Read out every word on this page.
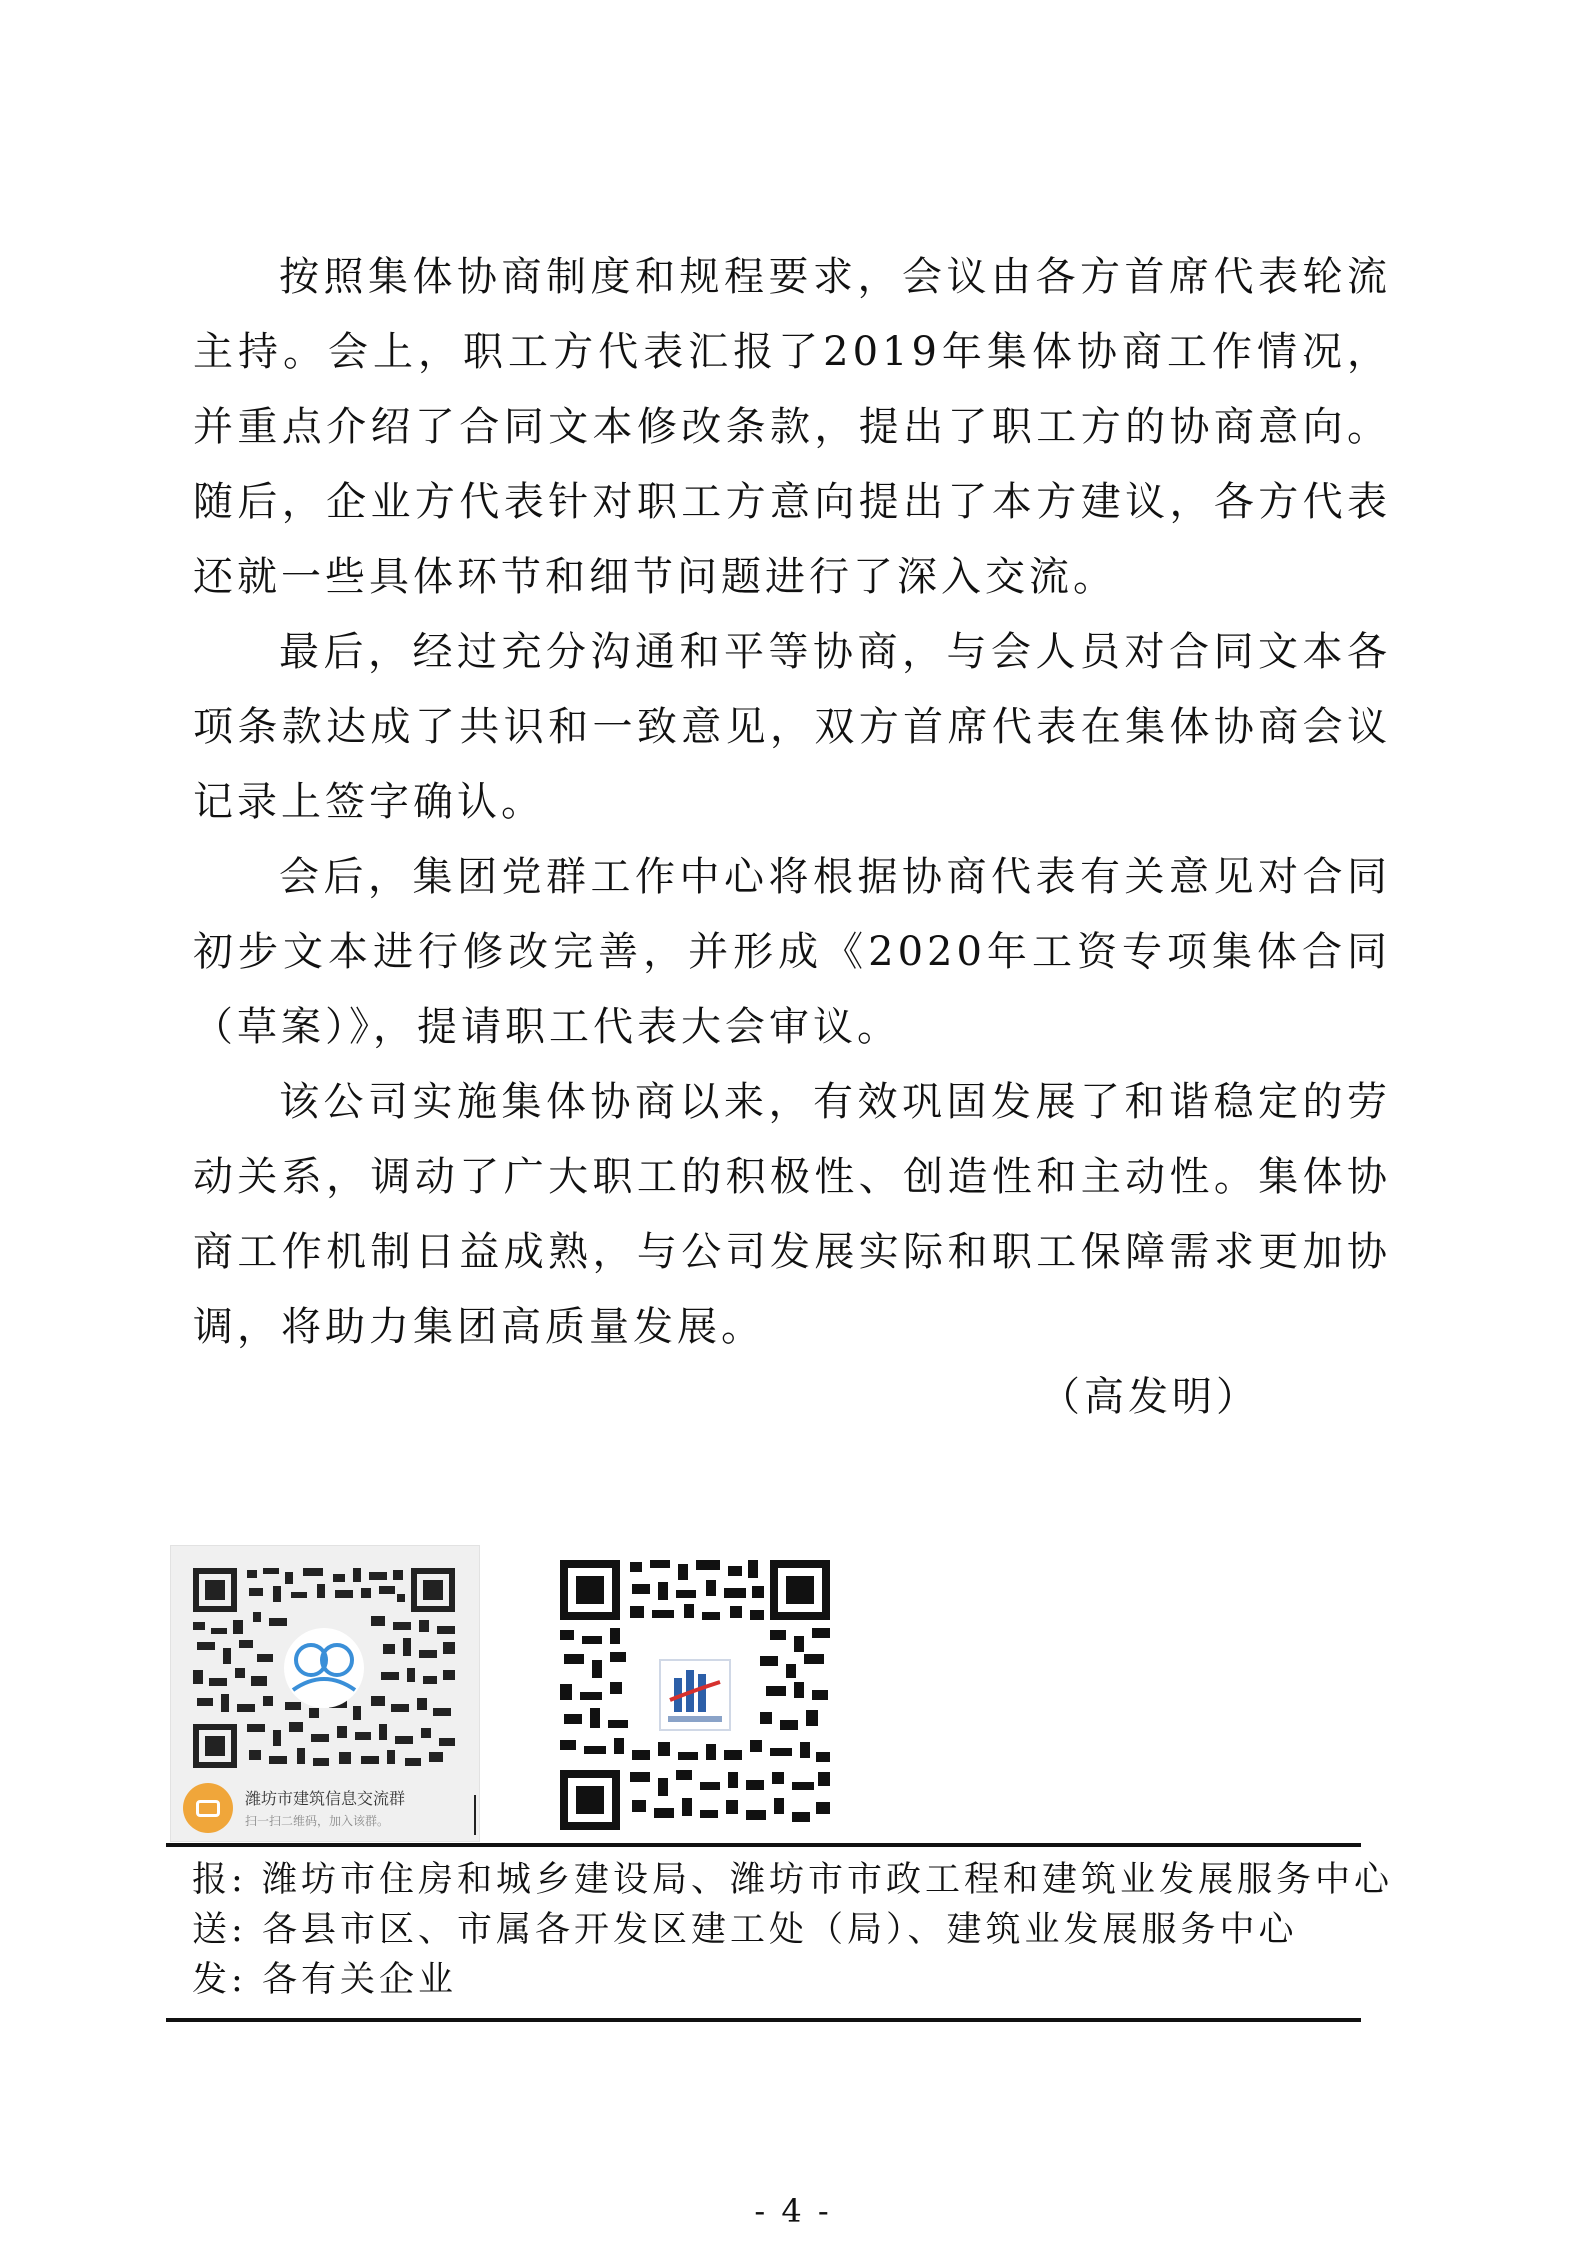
按照集体协商制度和规程要求，会议由各方首席代表轮流主持。会上，职工方代表汇报了2019年集体协商工作情况，并重点介绍了合同文本修改条款，提出了职工方的协商意向。随后，企业方代表针对职工方意向提出了本方建议，各方代表还就一些具体环节和细节问题进行了深入交流。

最后，经过充分沟通和平等协商，与会人员对合同文本各项条款达成了共识和一致意见，双方首席代表在集体协商会议记录上签字确认。

会后，集团党群工作中心将根据协商代表有关意见对合同初步文本进行修改完善，并形成《2020年工资专项集体合同（草案）》，提请职工代表大会审议。

该公司实施集体协商以来，有效巩固发展了和谐稳定的劳动关系，调动了广大职工的积极性、创造性和主动性。集体协商工作机制日益成熟，与公司发展实际和职工保障需求更加协调，将助力集团高质量发展。

（高发明）
潍坊市建筑信息交流群
扫一扫二维码，加入该群。
报: 潍坊市住房和城乡建设局、潍坊市市政工程和建筑业发展服务中心
送: 各县市区、市属各开发区建工处（局）、建筑业发展服务中心
发: 各有关企业
- 4 -
